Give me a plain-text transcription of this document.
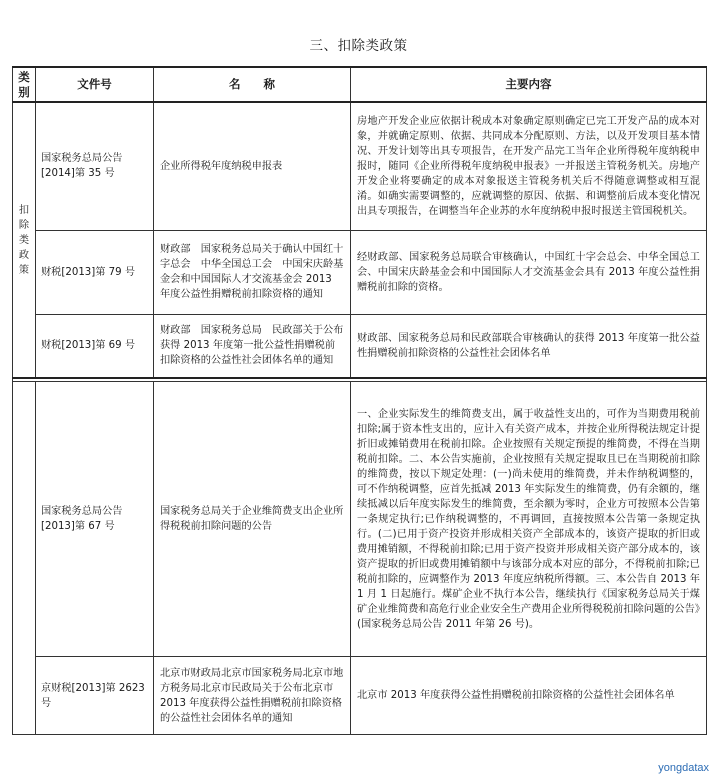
三、扣除类政策
类别	文件号	名　　称	主要内容
扣除类政策	国家税务总局公告[2014]第 35 号	企业所得税年度纳税申报表	房地产开发企业应依据计税成本对象确定原则确定已完工开发产品的成本对象，并就确定原则、依据、共同成本分配原则、方法，以及开发项目基本情况、开发计划等出具专项报告，在开发产品完工当年企业所得税年度纳税申报时，随同《企业所得税年度纳税申报表》一并报送主管税务机关。房地产开发企业将要确定的成本对象报送主管税务机关后不得随意调整或相互混淆。如确实需要调整的，应就调整的原因、依据、和调整前后成本变化情况出具专项报告，在调整当年企业苏的水年度纳税申报时报送主管国税机关。
	财税[2013]第 79 号	财政部　国家税务总局关于确认中国红十字总会　中华全国总工会　中国宋庆龄基金会和中国国际人才交流基金会 2013 年度公益性捐赠税前扣除资格的通知	经财政部、国家税务总局联合审核确认，中国红十字会总会、中华全国总工会、中国宋庆龄基金会和中国国际人才交流基金会具有 2013 年度公益性捐赠税前扣除的资格。
	财税[2013]第 69 号	财政部　国家税务总局　民政部关于公布获得 2013 年度第一批公益性捐赠税前扣除资格的公益性社会团体名单的通知	财政部、国家税务总局和民政部联合审核确认的获得 2013 年度第一批公益性捐赠税前扣除资格的公益性社会团体名单

	国家税务总局公告[2013]第 67 号	国家税务总局关于企业维简费支出企业所得税税前扣除问题的公告	一、企业实际发生的维简费支出，属于收益性支出的，可作为当期费用税前扣除;属于资本性支出的，应计入有关资产成本，并按企业所得税法规定计提折旧或摊销费用在税前扣除。企业按照有关规定预提的维简费，不得在当期税前扣除。二、本公告实施前，企业按照有关规定提取且已在当期税前扣除的维简费，按以下规定处理：(一)尚未使用的维简费，并未作纳税调整的，可不作纳税调整，应首先抵减 2013 年实际发生的维简费，仍有余额的，继续抵减以后年度实际发生的维简费，至余额为零时，企业方可按照本公告第一条规定执行;已作纳税调整的，不再调回，直接按照本公告第一条规定执行。(二)已用于资产投资并形成相关资产全部成本的，该资产提取的折旧或费用摊销额，不得税前扣除;已用于资产投资并形成相关资产部分成本的，该资产提取的折旧或费用摊销额中与该部分成本对应的部分，不得税前扣除;已税前扣除的，应调整作为 2013 年度应纳税所得额。三、本公告自 2013 年 1 月 1 日起施行。煤矿企业不执行本公告，继续执行《国家税务总局关于煤矿企业维简费和高危行业企业安全生产费用企业所得税税前扣除问题的公告》(国家税务总局公告 2011 年第 26 号)。
	京财税[2013]第 2623 号	北京市财政局北京市国家税务局北京市地方税务局北京市民政局关于公布北京市 2013 年度获得公益性捐赠税前扣除资格的公益性社会团体名单的通知	北京市 2013 年度获得公益性捐赠税前扣除资格的公益性社会团体名单
yongdatax
